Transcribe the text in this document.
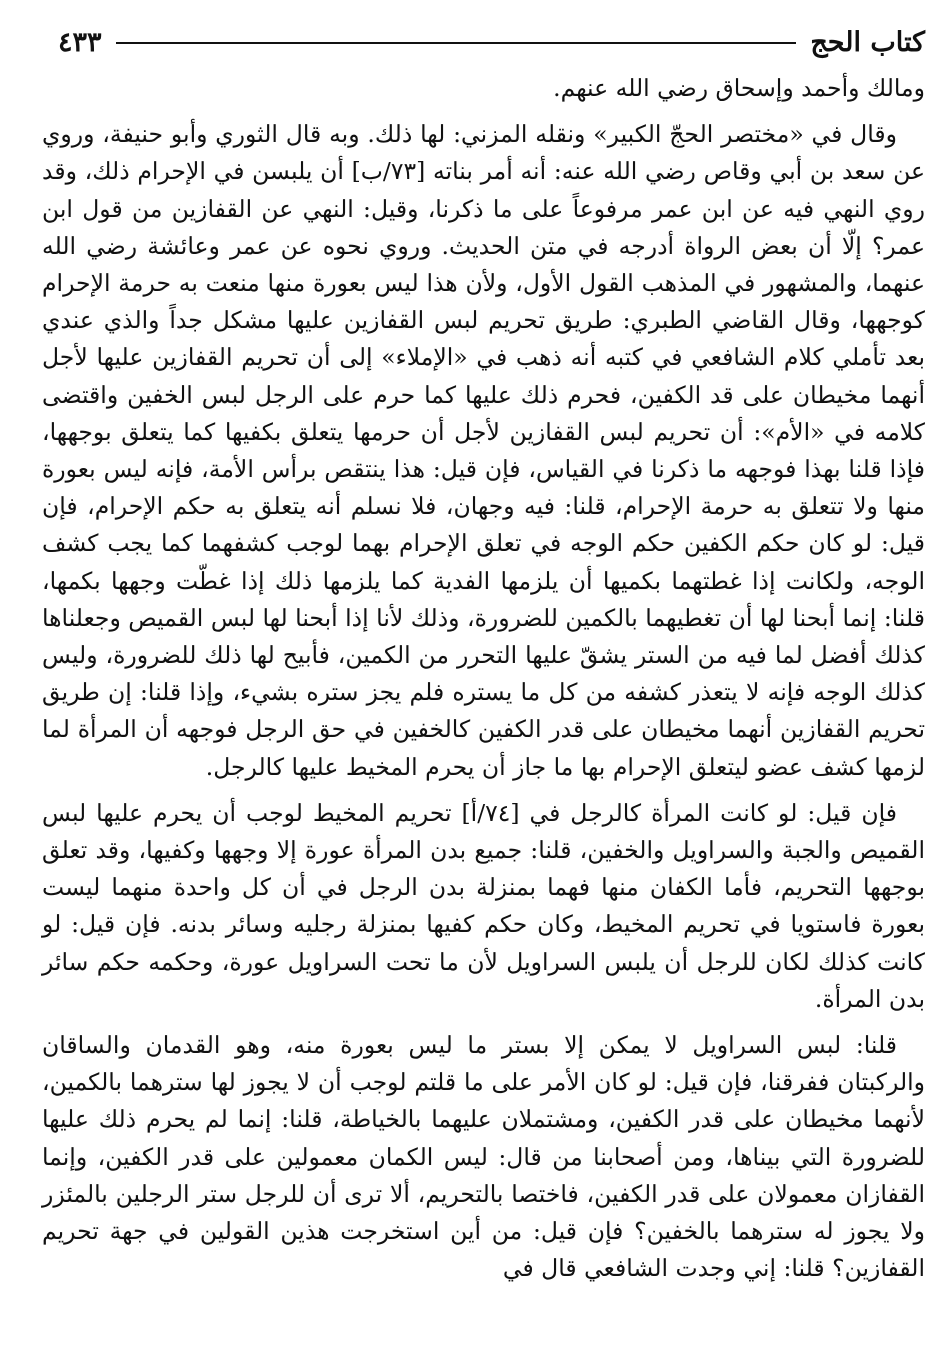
كتاب الحج
٤٣٣

ومالك وأحمد وإسحاق رضي الله عنهم.

وقال في «مختصر الحجّ الكبير» ونقله المزني: لها ذلك. وبه قال الثوري وأبو حنيفة، وروي عن سعد بن أبي وقاص رضي الله عنه: أنه أمر بناته [٧٣/ب] أن يلبسن في الإحرام ذلك، وقد روي النهي فيه عن ابن عمر مرفوعاً على ما ذكرنا، وقيل: النهي عن القفازين من قول ابن عمر؟ إلّا أن بعض الرواة أدرجه في متن الحديث. وروي نحوه عن عمر وعائشة رضي الله عنهما، والمشهور في المذهب القول الأول، ولأن هذا ليس بعورة منها منعت به حرمة الإحرام كوجهها، وقال القاضي الطبري: طريق تحريم لبس القفازين عليها مشكل جداً والذي عندي بعد تأملي كلام الشافعي في كتبه أنه ذهب في «الإملاء» إلى أن تحريم القفازين عليها لأجل أنهما مخيطان على قد الكفين، فحرم ذلك عليها كما حرم على الرجل لبس الخفين واقتضى كلامه في «الأم»: أن تحريم لبس القفازين لأجل أن حرمها يتعلق بكفيها كما يتعلق بوجهها، فإذا قلنا بهذا فوجهه ما ذكرنا في القياس، فإن قيل: هذا ينتقص برأس الأمة، فإنه ليس بعورة منها ولا تتعلق به حرمة الإحرام، قلنا: فيه وجهان، فلا نسلم أنه يتعلق به حكم الإحرام، فإن قيل: لو كان حكم الكفين حكم الوجه في تعلق الإحرام بهما لوجب كشفهما كما يجب كشف الوجه، ولكانت إذا غطتهما بكميها أن يلزمها الفدية كما يلزمها ذلك إذا غطّت وجهها بكمها، قلنا: إنما أبحنا لها أن تغطيهما بالكمين للضرورة، وذلك لأنا إذا أبحنا لها لبس القميص وجعلناها كذلك أفضل لما فيه من الستر يشقّ عليها التحرر من الكمين، فأبيح لها ذلك للضرورة، وليس كذلك الوجه فإنه لا يتعذر كشفه من كل ما يستره فلم يجز ستره بشيء، وإذا قلنا: إن طريق تحريم القفازين أنهما مخيطان على قدر الكفين كالخفين في حق الرجل فوجهه أن المرأة لما لزمها كشف عضو ليتعلق الإحرام بها ما جاز أن يحرم المخيط عليها كالرجل.

فإن قيل: لو كانت المرأة كالرجل في [٧٤/أ] تحريم المخيط لوجب أن يحرم عليها لبس القميص والجبة والسراويل والخفين، قلنا: جميع بدن المرأة عورة إلا وجهها وكفيها، وقد تعلق بوجهها التحريم، فأما الكفان منها فهما بمنزلة بدن الرجل في أن كل واحدة منهما ليست بعورة فاستويا في تحريم المخيط، وكان حكم كفيها بمنزلة رجليه وسائر بدنه. فإن قيل: لو كانت كذلك لكان للرجل أن يلبس السراويل لأن ما تحت السراويل عورة، وحكمه حكم سائر بدن المرأة.

قلنا: لبس السراويل لا يمكن إلا بستر ما ليس بعورة منه، وهو القدمان والساقان والركبتان ففرقنا، فإن قيل: لو كان الأمر على ما قلتم لوجب أن لا يجوز لها سترهما بالكمين، لأنهما مخيطان على قدر الكفين، ومشتملان عليهما بالخياطة، قلنا: إنما لم يحرم ذلك عليها للضرورة التي بيناها، ومن أصحابنا من قال: ليس الكمان معمولين على قدر الكفين، وإنما القفازان معمولان على قدر الكفين، فاختصا بالتحريم، ألا ترى أن للرجل ستر الرجلين بالمئزر ولا يجوز له سترهما بالخفين؟ فإن قيل: من أين استخرجت هذين القولين في جهة تحريم القفازين؟ قلنا: إني وجدت الشافعي قال في
